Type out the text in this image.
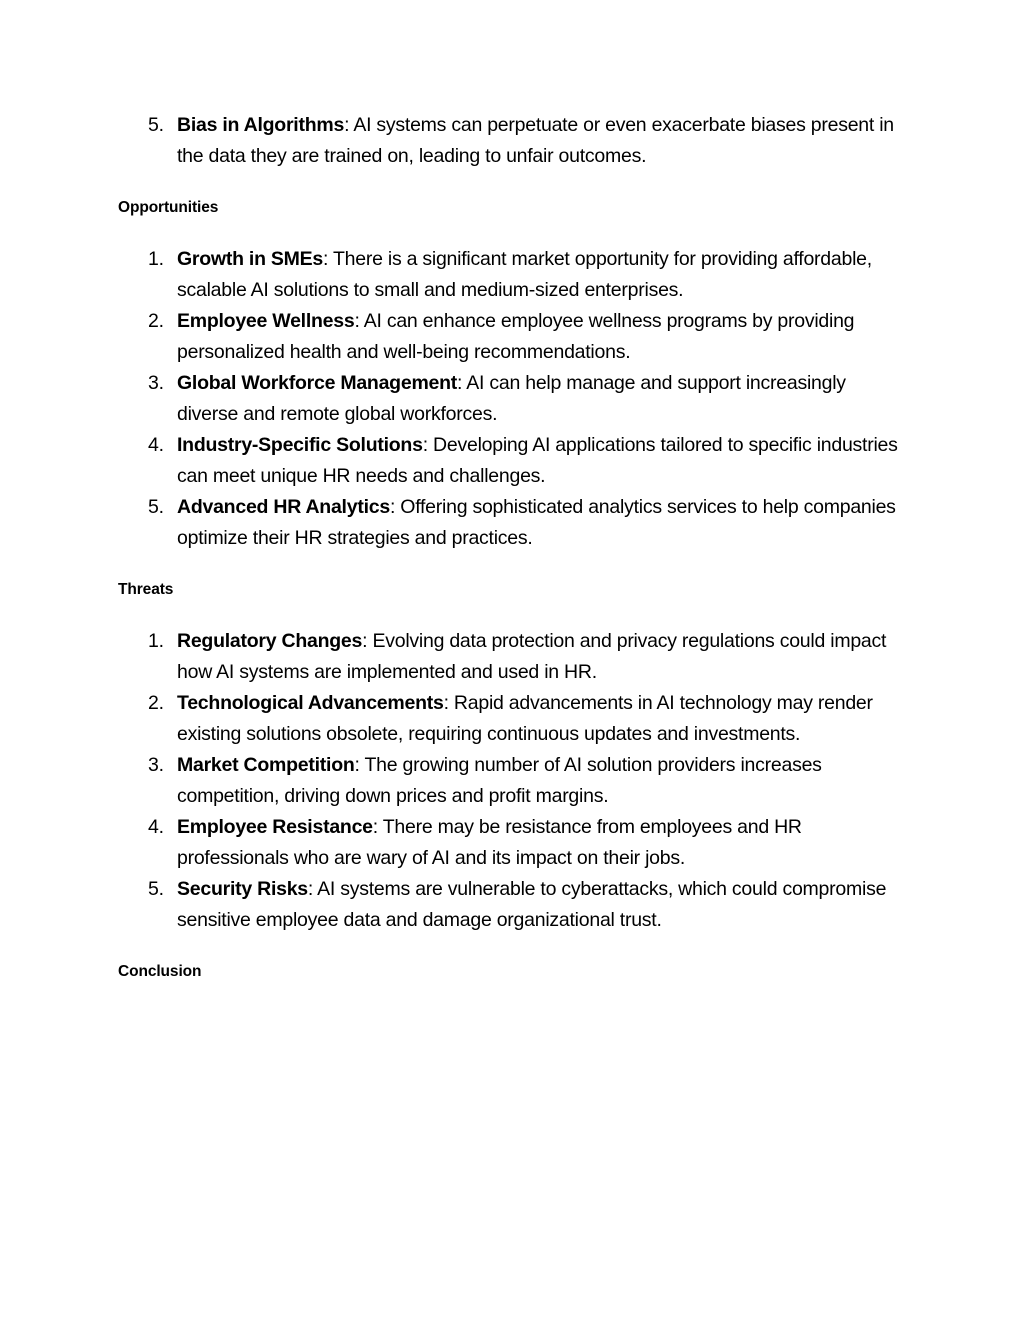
5. Bias in Algorithms: AI systems can perpetuate or even exacerbate biases present in the data they are trained on, leading to unfair outcomes.
Opportunities
1. Growth in SMEs: There is a significant market opportunity for providing affordable, scalable AI solutions to small and medium-sized enterprises.
2. Employee Wellness: AI can enhance employee wellness programs by providing personalized health and well-being recommendations.
3. Global Workforce Management: AI can help manage and support increasingly diverse and remote global workforces.
4. Industry-Specific Solutions: Developing AI applications tailored to specific industries can meet unique HR needs and challenges.
5. Advanced HR Analytics: Offering sophisticated analytics services to help companies optimize their HR strategies and practices.
Threats
1. Regulatory Changes: Evolving data protection and privacy regulations could impact how AI systems are implemented and used in HR.
2. Technological Advancements: Rapid advancements in AI technology may render existing solutions obsolete, requiring continuous updates and investments.
3. Market Competition: The growing number of AI solution providers increases competition, driving down prices and profit margins.
4. Employee Resistance: There may be resistance from employees and HR professionals who are wary of AI and its impact on their jobs.
5. Security Risks: AI systems are vulnerable to cyberattacks, which could compromise sensitive employee data and damage organizational trust.
Conclusion
